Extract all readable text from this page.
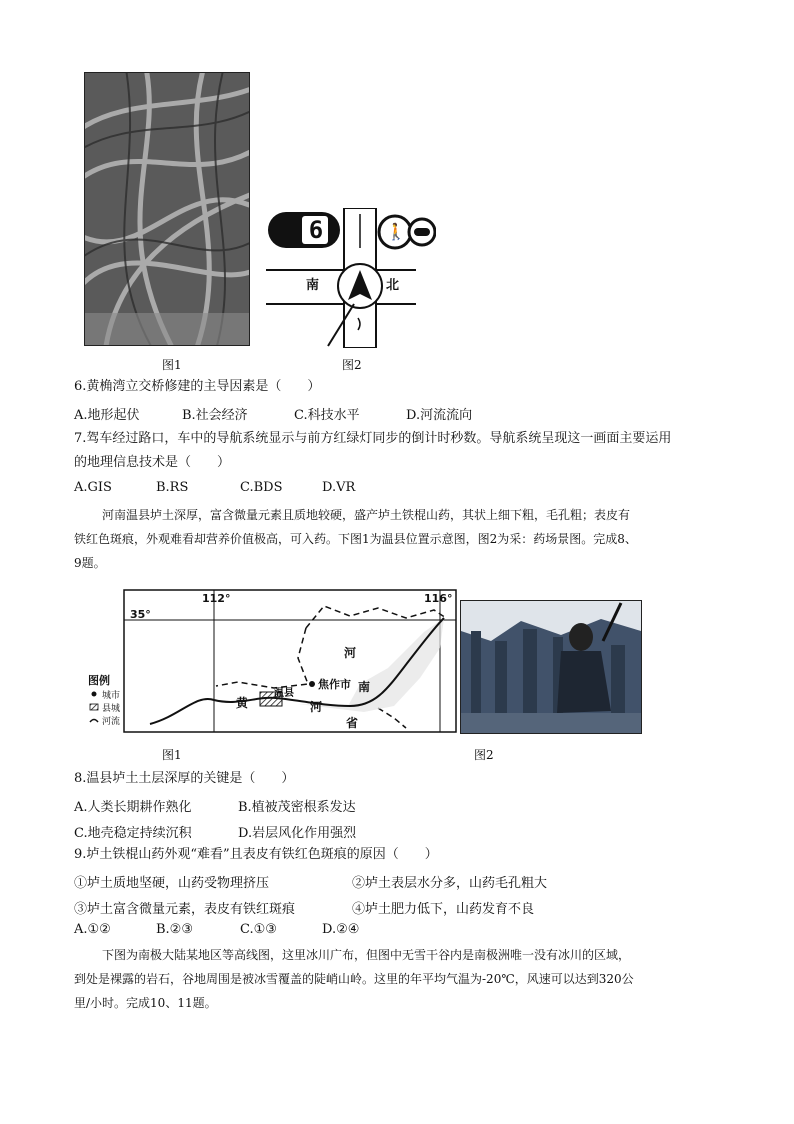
图1
6	🚶
南	北
图2
6.黄桷湾立交桥修建的主导因素是（　　）
A.地形起伏	B.社会经济	C.科技水平	D.河流流向
7.驾车经过路口，车中的导航系统显示与前方红绿灯同步的倒计时秒数。导航系统呈现这一画面主要运用
的地理信息技术是（　　）
A.GIS	B.RS	C.BDS	D.VR
河南温县垆土深厚，富含微量元素且质地较硬，盛产垆土铁棍山药，其状上细下粗，毛孔粗；表皮有
铁红色斑痕，外观难看却营养价值极高，可入药。下图1为温县位置示意图，图2为采：药场景图。完成8、
9题。
112°	116°
35°
图例
城市
县城
河流
焦作市
温县
黄	河
河
南
省
图1	图2
8.温县垆土土层深厚的关键是（　　）
A.人类长期耕作熟化	B.植被茂密根系发达
C.地壳稳定持续沉积	D.岩层风化作用强烈
9.垆土铁棍山药外观“难看”且表皮有铁红色斑痕的原因（　　）
①垆土质地坚硬，山药受物理挤压	②垆土表层水分多，山药毛孔粗大
③垆土富含微量元素，表皮有铁红斑痕	④垆土肥力低下，山药发育不良
A.①②	B.②③	C.①③	D.②④
下图为南极大陆某地区等高线图，这里冰川广布，但图中无雪干谷内是南极洲唯一没有冰川的区域，
到处是裸露的岩石，谷地周围是被冰雪覆盖的陡峭山岭。这里的年平均气温为-20℃，风速可以达到320公
里/小时。完成10、11题。
